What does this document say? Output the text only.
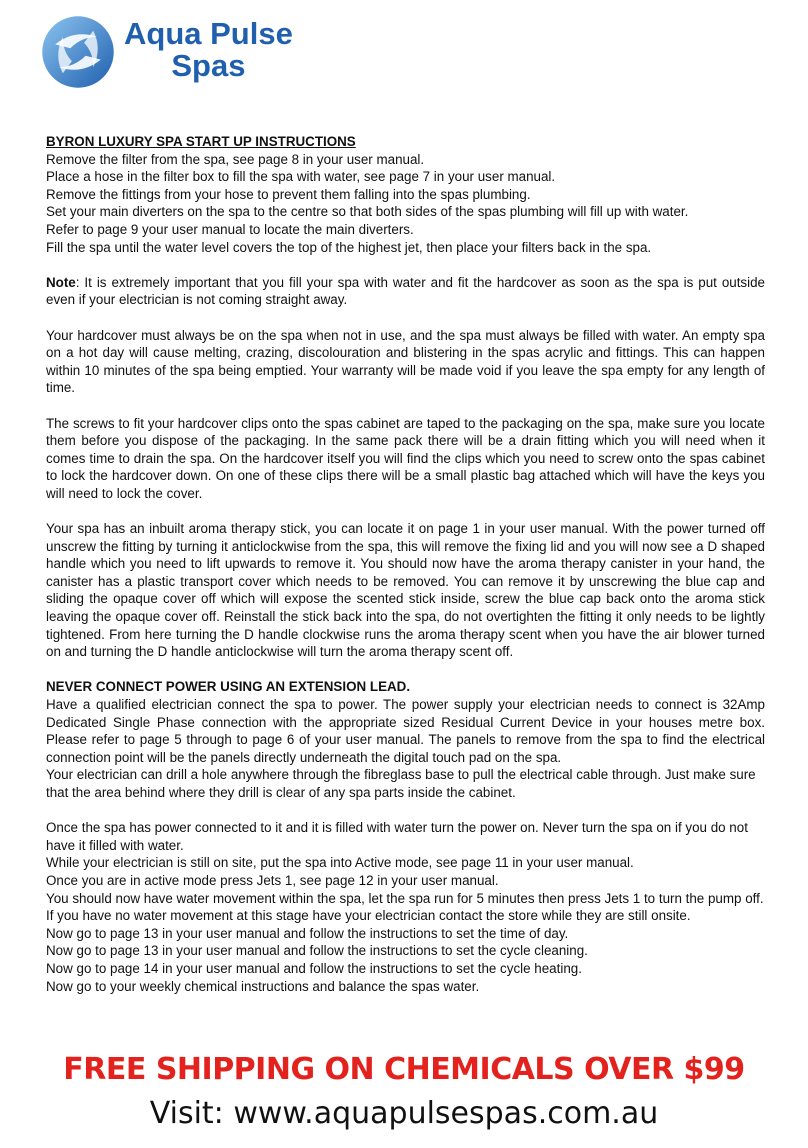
Aqua Pulse
Spas
BYRON LUXURY SPA START UP INSTRUCTIONS
Remove the filter from the spa, see page 8 in your user manual.
Place a hose in the filter box to fill the spa with water, see page 7 in your user manual.
Remove the fittings from your hose to prevent them falling into the spas plumbing.
Set your main diverters on the spa to the centre so that both sides of the spas plumbing will fill up with water.
Refer to page 9 your user manual to locate the main diverters.
Fill the spa until the water level covers the top of the highest jet, then place your filters back in the spa.

Note: It is extremely important that you fill your spa with water and fit the hardcover as soon as the spa is put outside even if your electrician is not coming straight away.

Your hardcover must always be on the spa when not in use, and the spa must always be filled with water. An empty spa on a hot day will cause melting, crazing, discolouration and blistering in the spas acrylic and fittings. This can happen within 10 minutes of the spa being emptied. Your warranty will be made void if you leave the spa empty for any length of time.

The screws to fit your hardcover clips onto the spas cabinet are taped to the packaging on the spa, make sure you locate them before you dispose of the packaging. In the same pack there will be a drain fitting which you will need when it comes time to drain the spa. On the hardcover itself you will find the clips which you need to screw onto the spas cabinet to lock the hardcover down. On one of these clips there will be a small plastic bag attached which will have the keys you will need to lock the cover.

Your spa has an inbuilt aroma therapy stick, you can locate it on page 1 in your user manual. With the power turned off unscrew the fitting by turning it anticlockwise from the spa, this will remove the fixing lid and you will now see a D shaped handle which you need to lift upwards to remove it. You should now have the aroma therapy canister in your hand, the canister has a plastic transport cover which needs to be removed. You can remove it by unscrewing the blue cap and sliding the opaque cover off which will expose the scented stick inside, screw the blue cap back onto the aroma stick leaving the opaque cover off. Reinstall the stick back into the spa, do not overtighten the fitting it only needs to be lightly tightened. From here turning the D handle clockwise runs the aroma therapy scent when you have the air blower turned on and turning the D handle anticlockwise will turn the aroma therapy scent off.

NEVER CONNECT POWER USING AN EXTENSION LEAD.
Have a qualified electrician connect the spa to power. The power supply your electrician needs to connect is 32Amp Dedicated Single Phase connection with the appropriate sized Residual Current Device in your houses metre box. Please refer to page 5 through to page 6 of your user manual. The panels to remove from the spa to find the electrical connection point will be the panels directly underneath the digital touch pad on the spa.
Your electrician can drill a hole anywhere through the fibreglass base to pull the electrical cable through. Just make sure that the area behind where they drill is clear of any spa parts inside the cabinet.
Once the spa has power connected to it and it is filled with water turn the power on. Never turn the spa on if you do not have it filled with water.
While your electrician is still on site, put the spa into Active mode, see page 11 in your user manual.
Once you are in active mode press Jets 1, see page 12 in your user manual.
You should now have water movement within the spa, let the spa run for 5 minutes then press Jets 1 to turn the pump off.
If you have no water movement at this stage have your electrician contact the store while they are still onsite.
Now go to page 13 in your user manual and follow the instructions to set the time of day.
Now go to page 13 in your user manual and follow the instructions to set the cycle cleaning.
Now go to page 14 in your user manual and follow the instructions to set the cycle heating.
Now go to your weekly chemical instructions and balance the spas water.
FREE SHIPPING ON CHEMICALS OVER $99
Visit: www.aquapulsespas.com.au
